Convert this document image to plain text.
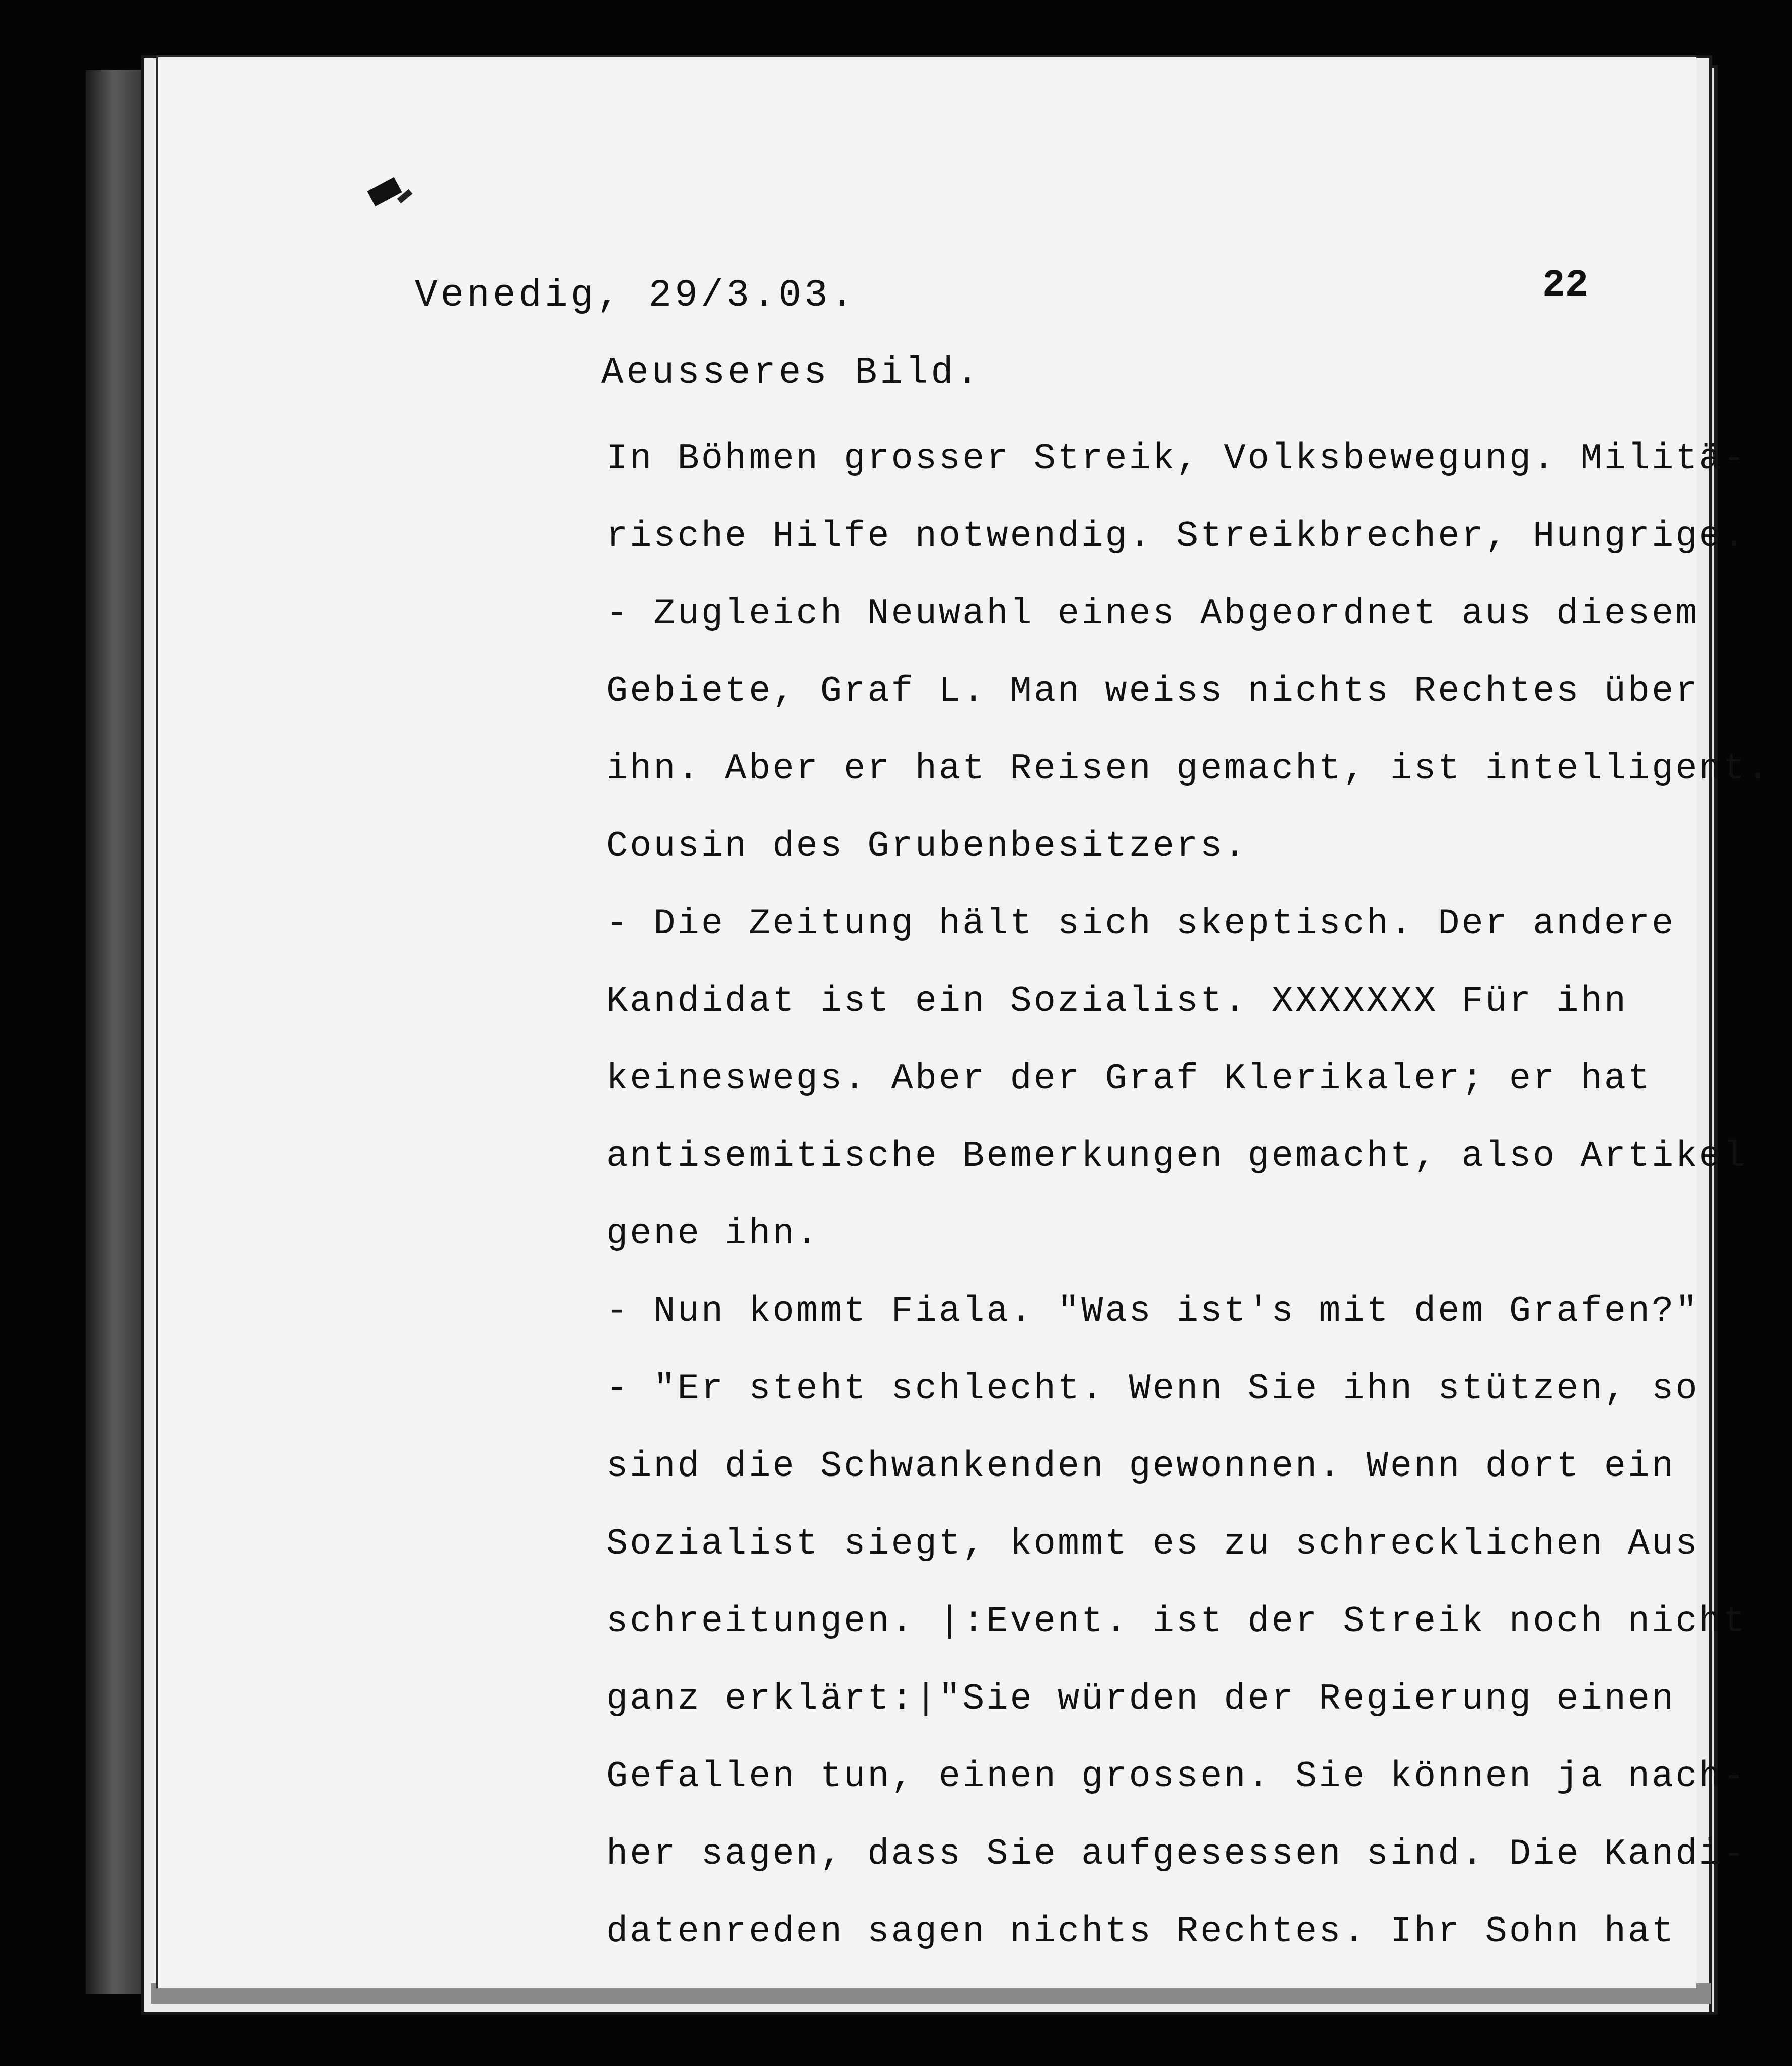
Venedig, 29/3.03.	22
Aeusseres Bild.
In Böhmen grosser Streik, Volksbewegung. Militä-
rische Hilfe notwendig. Streikbrecher, Hungrige.
- Zugleich Neuwahl eines Abgeordnet aus diesem
Gebiete, Graf L. Man weiss nichts Rechtes über
ihn. Aber er hat Reisen gemacht, ist intelligent.
Cousin des Grubenbesitzers.
- Die Zeitung hält sich skeptisch. Der andere
Kandidat ist ein Sozialist. XXXXXXX Für ihn
keineswegs. Aber der Graf Klerikaler; er hat
antisemitische Bemerkungen gemacht, also Artikel
gene ihn.
- Nun kommt Fiala. "Was ist's mit dem Grafen?"
- "Er steht schlecht. Wenn Sie ihn stützen, so
sind die Schwankenden gewonnen. Wenn dort ein
Sozialist siegt, kommt es zu schrecklichen Aus
schreitungen. |:Event. ist der Streik noch nicht
ganz erklärt:|"Sie würden der Regierung einen
Gefallen tun, einen grossen. Sie können ja nach-
her sagen, dass Sie aufgesessen sind. Die Kandi-
datenreden sagen nichts Rechtes. Ihr Sohn hat
